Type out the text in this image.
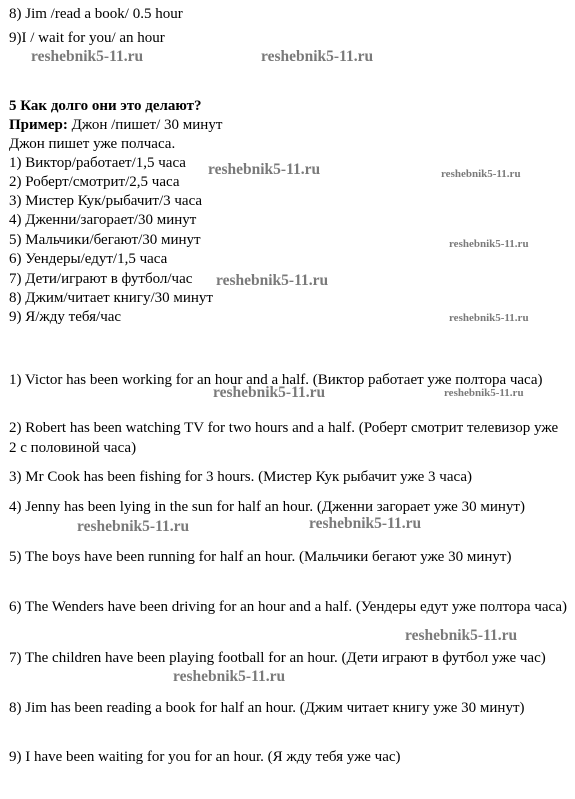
8) Jim /read a book/ 0.5 hour
9)I / wait for you/ an hour
5 Как долго они это делают?
Пример: Джон /пишет/ 30 минут
Джон пишет уже полчаса.
1) Виктор/работает/1,5 часа
2) Роберт/смотрит/2,5 часа
3) Мистер Кук/рыбачит/3 часа
4) Дженни/загорает/30 минут
5) Мальчики/бегают/30 минут
6) Уендеры/едут/1,5 часа
7) Дети/играют в футбол/час
8) Джим/читает книгу/30 минут
9) Я/жду тебя/час
1) Victor has been working for an hour and a half. (Виктор работает уже полтора часа)
2) Robert has been watching TV for two hours and a half. (Роберт смотрит телевизор уже 2 с половиной часа)
3) Mr Cook has been fishing for 3 hours. (Мистер Кук рыбачит уже 3 часа)
4) Jenny has been lying in the sun for half an hour. (Дженни загорает уже 30 минут)
5) The boys have been running for half an hour. (Мальчики бегают уже 30 минут)
6) The Wenders have been driving for an hour and a half. (Уендеры едут уже полтора часа)
7) The children have been playing football for an hour. (Дети играют в футбол уже час)
8) Jim has been reading a book for half an hour. (Джим читает книгу уже 30 минут)
9) I have been waiting for you for an hour. (Я жду тебя уже час)
reshebnik5-11.ru	reshebnik5-11.ru
reshebnik5-11.ru	reshebnik5-11.ru
reshebnik5-11.ru
reshebnik5-11.ru
reshebnik5-11.ru
reshebnik5-11.ru	reshebnik5-11.ru
reshebnik5-11.ru	reshebnik5-11.ru
reshebnik5-11.ru
reshebnik5-11.ru
